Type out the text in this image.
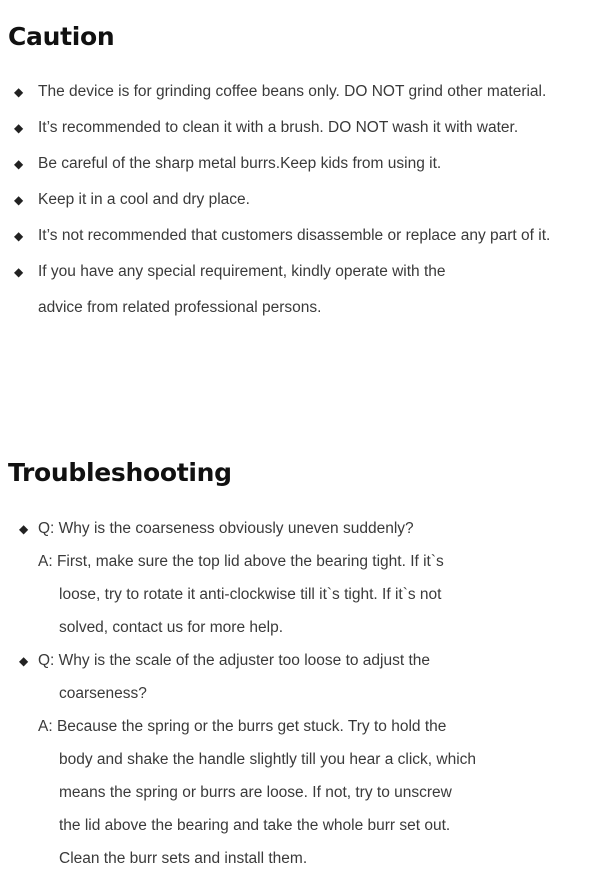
Caution
◆ The device is for grinding coffee beans only. DO NOT grind other material.
◆ It’s recommended to clean it with a brush. DO NOT wash it with water.
◆ Be careful of the sharp metal burrs.Keep kids from using it.
◆ Keep it in a cool and dry place.
◆ It’s not recommended that customers disassemble or replace any part of it.
◆ If you have any special requirement, kindly operate with the
advice from related professional persons.
Troubleshooting
◆ Q: Why is the coarseness obviously uneven suddenly?
A: First, make sure the top lid above the bearing tight. If it`s
loose, try to rotate it anti-clockwise till it`s tight. If it`s not
solved, contact us for more help.
◆ Q: Why is the scale of the adjuster too loose to adjust the
coarseness?
A: Because the spring or the burrs get stuck. Try to hold the
body and shake the handle slightly till you hear a click, which
means the spring or burrs are loose. If not, try to unscrew
the lid above the bearing and take the whole burr set out.
Clean the burr sets and install them.
